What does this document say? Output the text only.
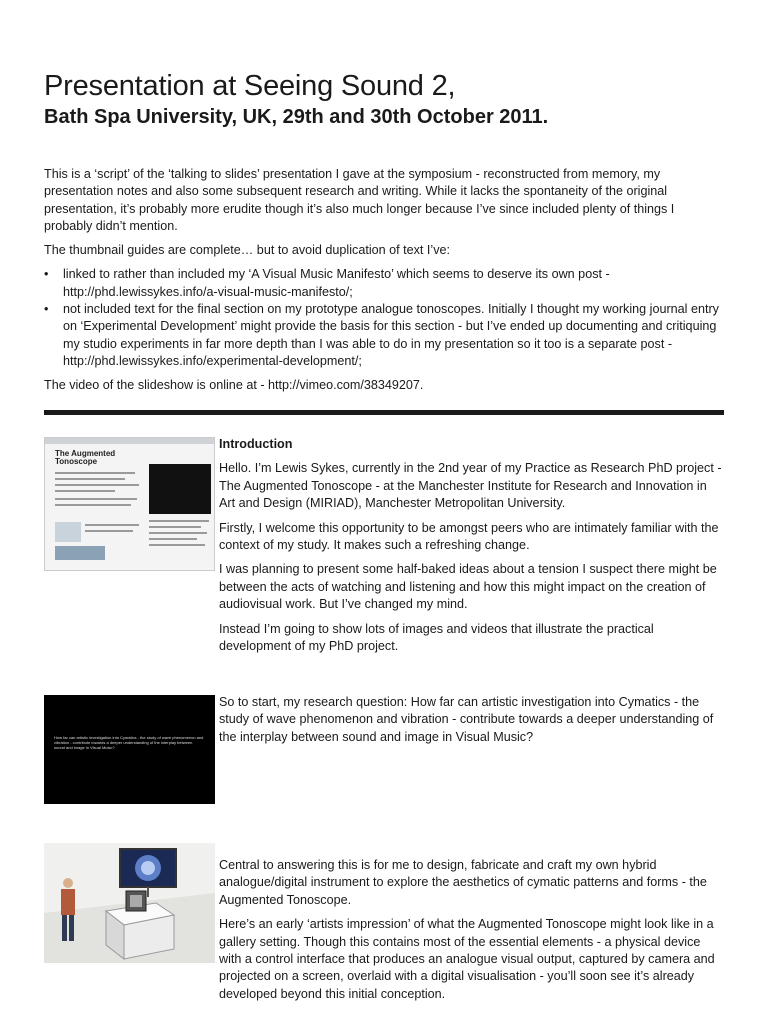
Presentation at Seeing Sound 2,
Bath Spa University, UK, 29th and 30th October 2011.

This is a ‘script’ of the ‘talking to slides’ presentation I gave at the symposium - reconstructed from memory, my presentation notes and also some subsequent research and writing. While it lacks the spontaneity of the original presentation, it’s probably more erudite though it’s also much longer because I’ve since included plenty of things I probably didn’t mention.

The thumbnail guides are complete… but to avoid duplication of text I’ve:

• linked to rather than included my ‘A Visual Music Manifesto’ which seems to deserve its own post - http://phd.lewissykes.info/a-visual-music-manifesto/;
• not included text for the final section on my prototype analogue tonoscopes. Initially I thought my working journal entry on ‘Experimental Development’ might provide the basis for this section - but I’ve ended up documenting and critiquing my studio experiments in far more depth than I was able to do in my presentation so it too is a separate post - http://phd.lewissykes.info/experimental-development/;

The video of the slideshow is online at - http://vimeo.com/38349207.

The Augmented Tonoscope

Introduction

Hello. I’m Lewis Sykes, currently in the 2nd year of my Practice as Research PhD project - The Augmented Tonoscope - at the Manchester Institute for Research and Innovation in Art and Design (MIRIAD), Manchester Metropolitan University.

Firstly, I welcome this opportunity to be amongst peers who are intimately familiar with the context of my study. It makes such a refreshing change.

I was planning to present some half-baked ideas about a tension I suspect there might be between the acts of watching and listening and how this might impact on the creation of audiovisual work. But I’ve changed my mind.

Instead I’m going to show lots of images and videos that illustrate the practical development of my PhD project.

How far can artistic investigation into Cymatics - the study of wave phenomenon and vibration - contribute towards a deeper understanding of the interplay between sound and image in Visual Music?

So to start, my research question: How far can artistic investigation into Cymatics - the study of wave phenomenon and vibration - contribute towards a deeper understanding of the interplay between sound and image in Visual Music?

Central to answering this is for me to design, fabricate and craft my own hybrid analogue/digital instrument to explore the aesthetics of cymatic patterns and forms - the Augmented Tonoscope.

Here’s an early ‘artists impression’ of what the Augmented Tonoscope might look like in a gallery setting. Though this contains most of the essential elements - a physical device with a control interface that produces an analogue visual output, captured by camera and projected on a screen, overlaid with a digital visualisation - you’ll soon see it’s already developed beyond this initial conception.
